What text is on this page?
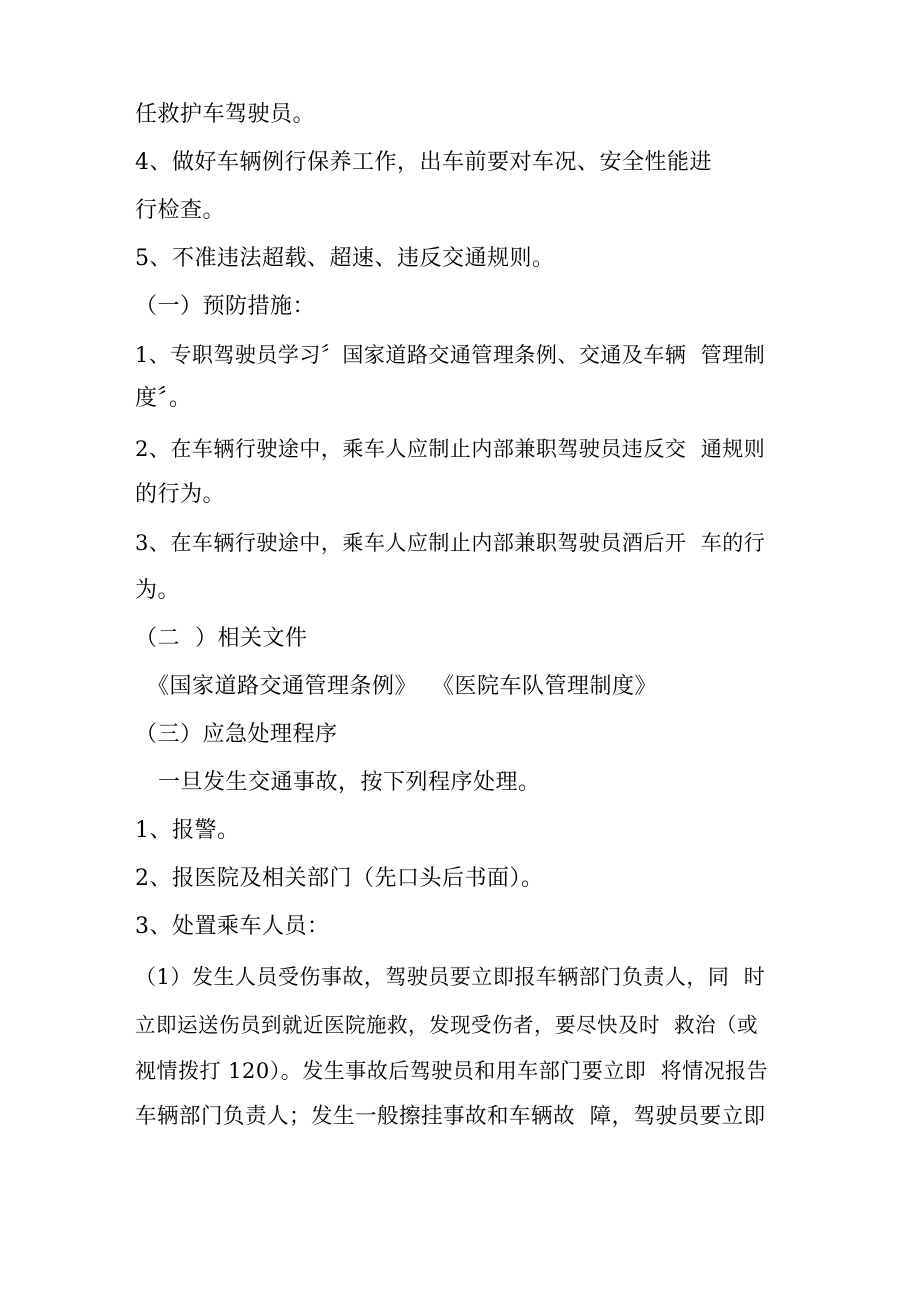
任救护车驾驶员。
4、做好车辆例行保养工作，出车前要对车况、安全性能进
行检查。
5、不准违法超载、超速、违反交通规则。
（一）预防措施：
1、专职驾驶员学习〞国家道路交通管理条例、交通及车辆  管理制
度〞。
2、在车辆行驶途中，乘车人应制止内部兼职驾驶员违反交  通规则
的行为。
3、在车辆行驶途中，乘车人应制止内部兼职驾驶员酒后开  车的行
为。
（二  ）相关文件
《国家道路交通管理条例》  《医院车队管理制度》
（三）应急处理程序
一旦发生交通事故，按下列程序处理。
1、报警。
2、报医院及相关部门（先口头后书面）。
3、处置乘车人员：
（1）发生人员受伤事故，驾驶员要立即报车辆部门负责人，同  时
立即运送伤员到就近医院施救，发现受伤者，要尽快及时  救治（或
视情拨打 120）。发生事故后驾驶员和用车部门要立即  将情况报告
车辆部门负责人；发生一般擦挂事故和车辆故  障，驾驶员要立即
